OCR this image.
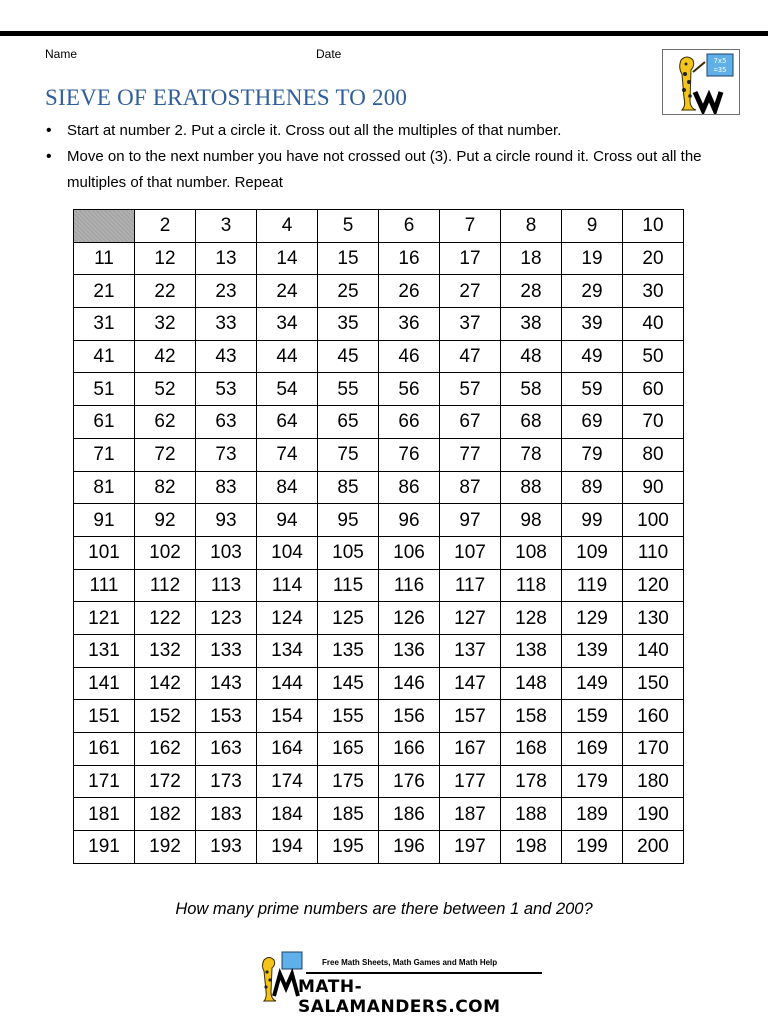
Name	Date
SIEVE OF ERATOSTHENES TO 200
7x5
=35
• Start at number 2. Put a circle it. Cross out all the multiples of that number.
• Move on to the next number you have not crossed out (3). Put a circle round it. Cross out all the multiples of that number. Repeat
	2	3	4	5	6	7	8	9	10
11	12	13	14	15	16	17	18	19	20
21	22	23	24	25	26	27	28	29	30
31	32	33	34	35	36	37	38	39	40
41	42	43	44	45	46	47	48	49	50
51	52	53	54	55	56	57	58	59	60
61	62	63	64	65	66	67	68	69	70
71	72	73	74	75	76	77	78	79	80
81	82	83	84	85	86	87	88	89	90
91	92	93	94	95	96	97	98	99	100
101	102	103	104	105	106	107	108	109	110
111	112	113	114	115	116	117	118	119	120
121	122	123	124	125	126	127	128	129	130
131	132	133	134	135	136	137	138	139	140
141	142	143	144	145	146	147	148	149	150
151	152	153	154	155	156	157	158	159	160
161	162	163	164	165	166	167	168	169	170
171	172	173	174	175	176	177	178	179	180
181	182	183	184	185	186	187	188	189	190
191	192	193	194	195	196	197	198	199	200
How many prime numbers are there between 1 and 200?
Free Math Sheets, Math Games and Math Help
MATH-SALAMANDERS.COM
